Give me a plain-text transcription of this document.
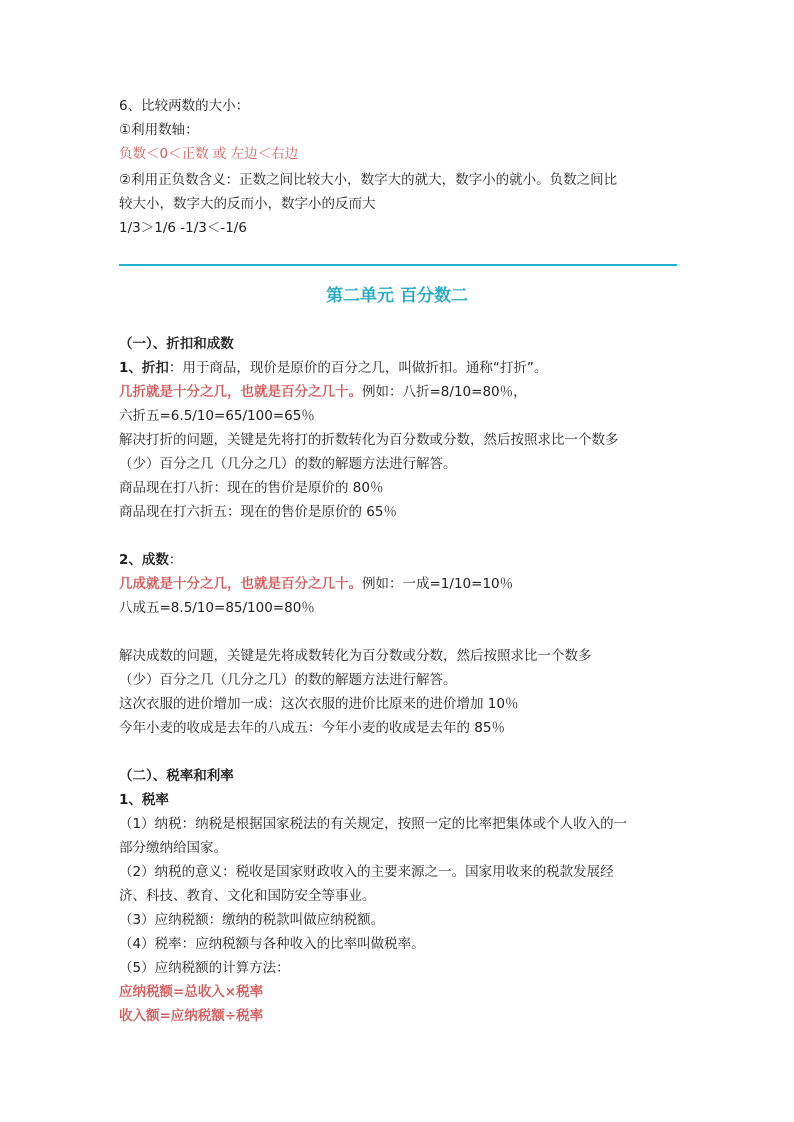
6、比较两数的大小：
①利用数轴：
负数＜0＜正数 或 左边＜右边
②利用正负数含义：正数之间比较大小，数字大的就大，数字小的就小。负数之间比
较大小，数字大的反而小，数字小的反而大
1/3＞1/6 -1/3＜-1/6
第二单元 百分数二
（一）、折扣和成数
1、折扣：用于商品，现价是原价的百分之几，叫做折扣。通称“打折”。
几折就是十分之几，也就是百分之几十。例如：八折=8/10=80％，
六折五=6.5/10=65/100=65％
解决打折的问题，关键是先将打的折数转化为百分数或分数，然后按照求比一个数多
（少）百分之几（几分之几）的数的解题方法进行解答。
商品现在打八折：现在的售价是原价的 80％
商品现在打六折五：现在的售价是原价的 65％
2、成数：
几成就是十分之几，也就是百分之几十。例如：一成=1/10=10％
八成五=8.5/10=85/100=80％
解决成数的问题，关键是先将成数转化为百分数或分数，然后按照求比一个数多
（少）百分之几（几分之几）的数的解题方法进行解答。
这次衣服的进价增加一成：这次衣服的进价比原来的进价增加 10％
今年小麦的收成是去年的八成五：今年小麦的收成是去年的 85％
（二）、税率和利率
1、税率
（1）纳税：纳税是根据国家税法的有关规定，按照一定的比率把集体或个人收入的一
部分缴纳给国家。
（2）纳税的意义：税收是国家财政收入的主要来源之一。国家用收来的税款发展经
济、科技、教育、文化和国防安全等事业。
（3）应纳税额：缴纳的税款叫做应纳税额。
（4）税率：应纳税额与各种收入的比率叫做税率。
（5）应纳税额的计算方法：
应纳税额=总收入×税率
收入额=应纳税额÷税率
